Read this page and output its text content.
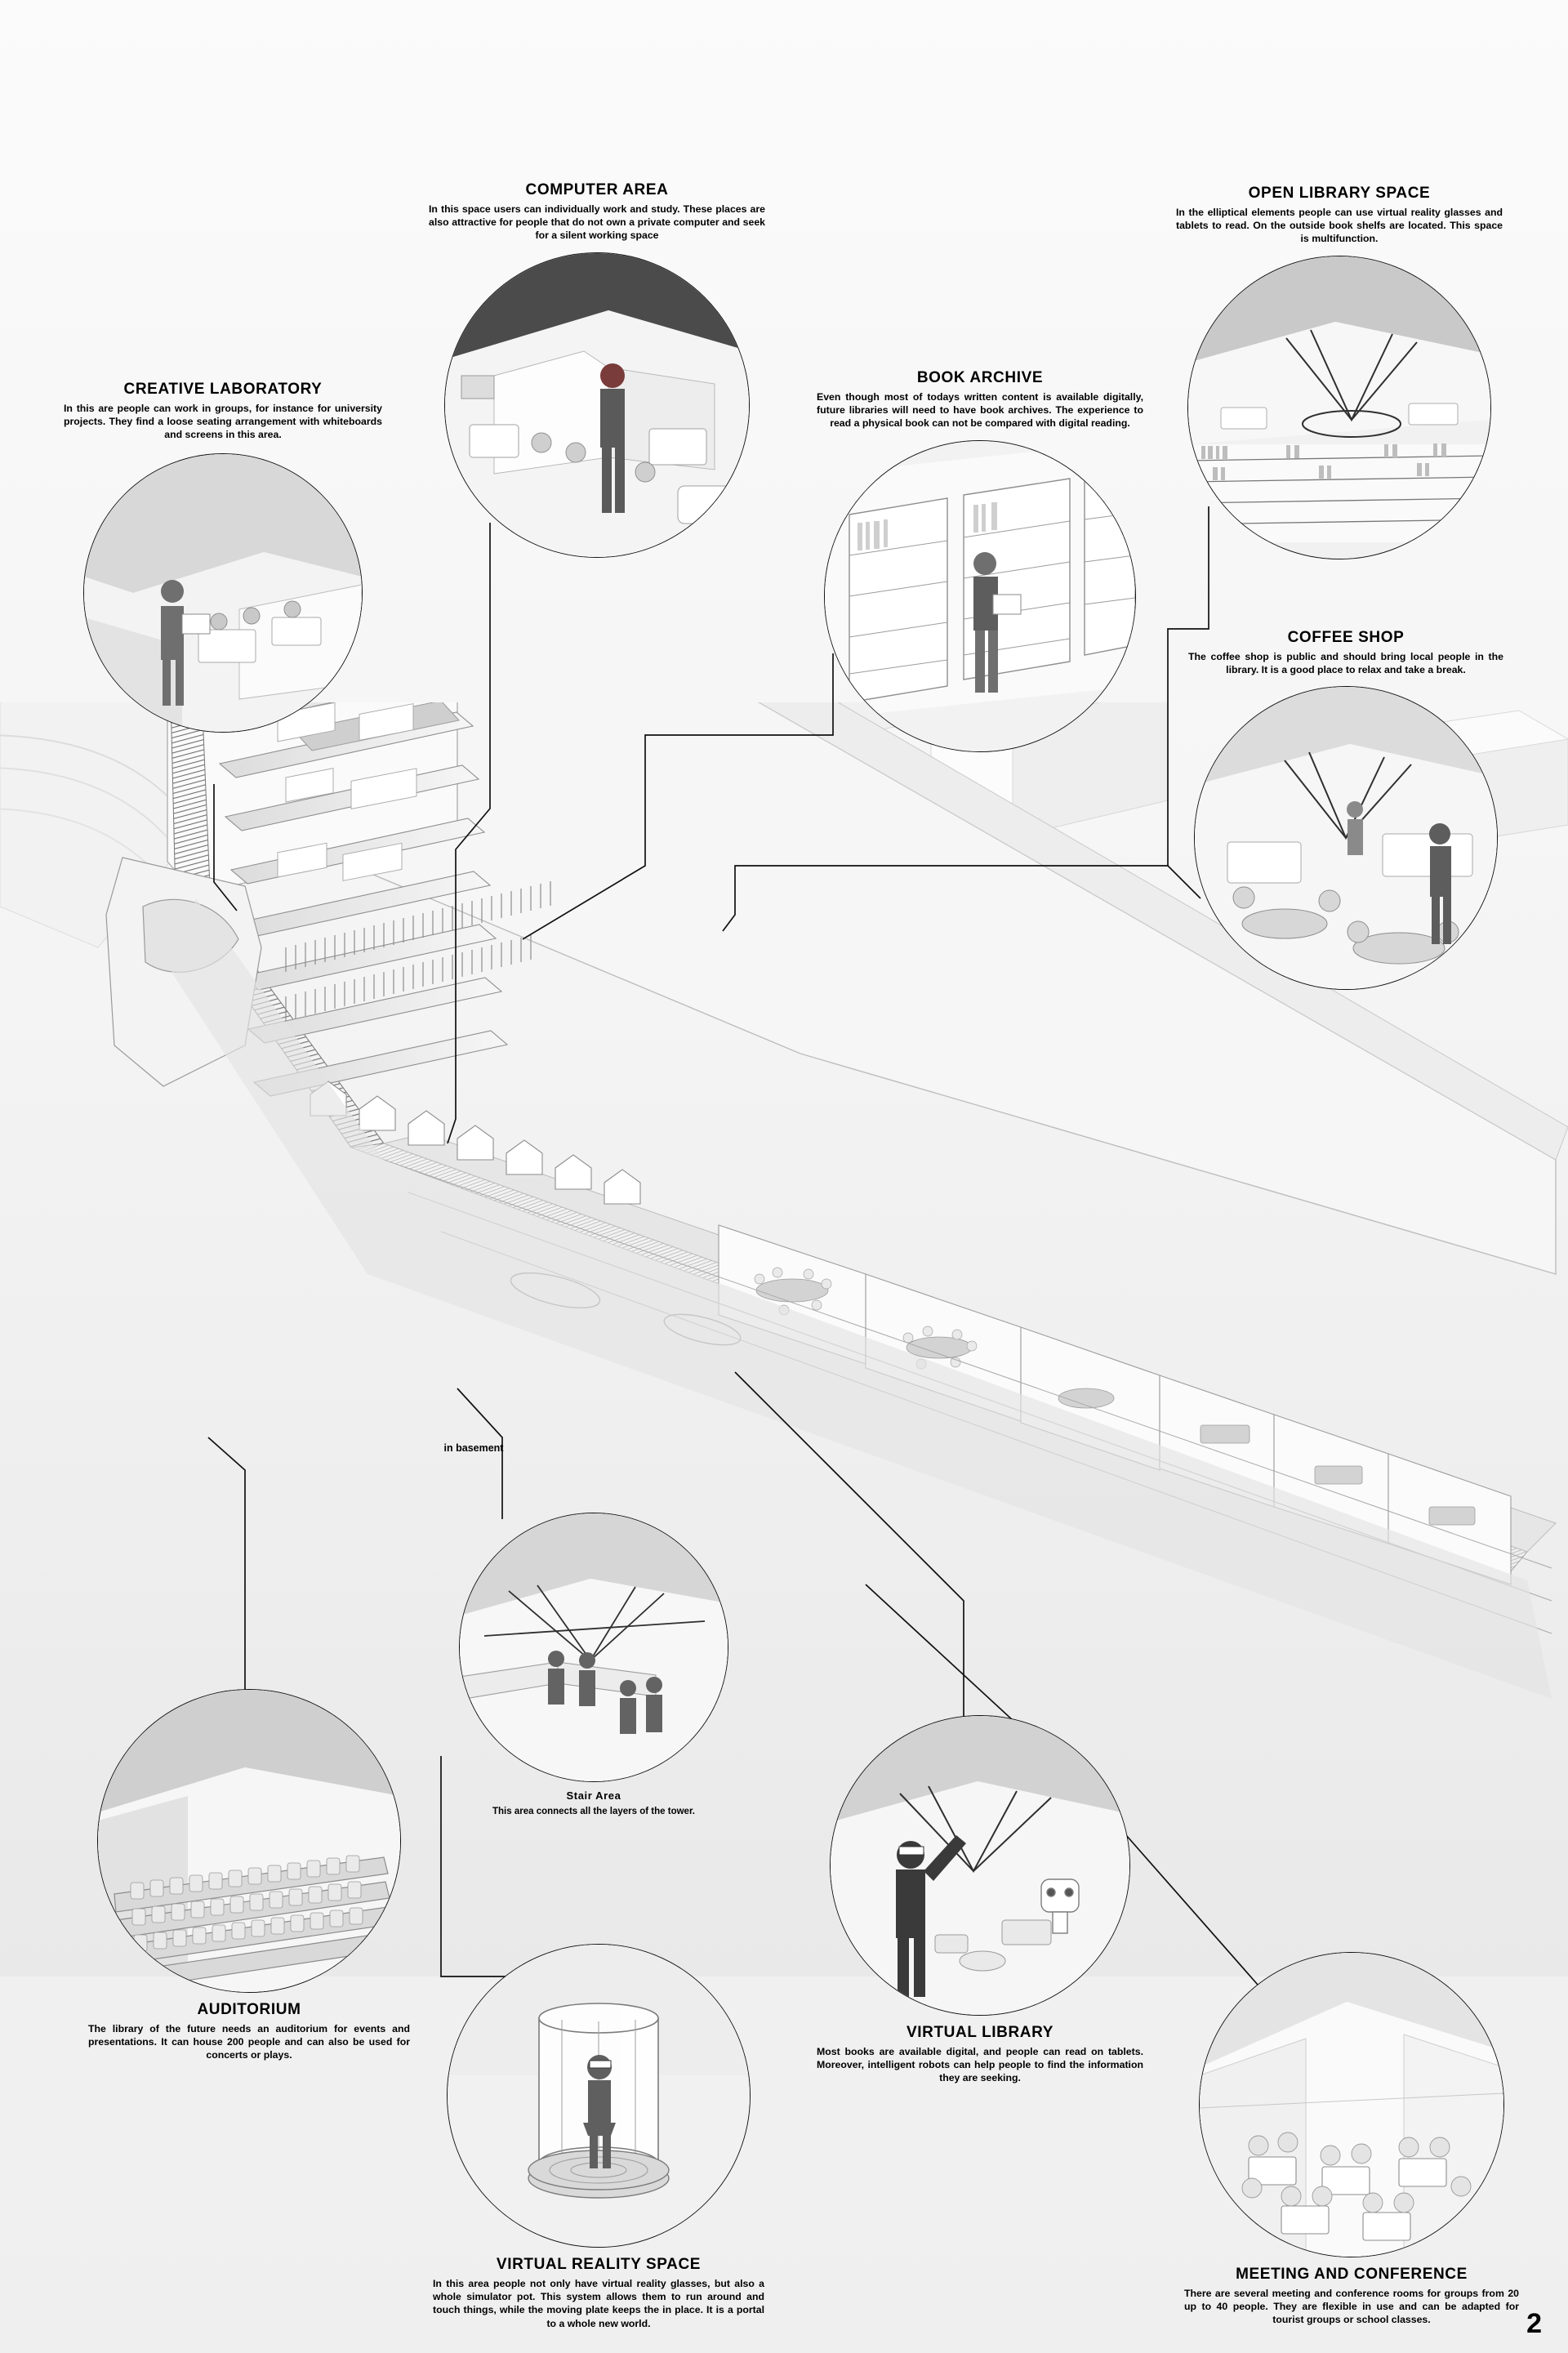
CREATIVE LABORATORY

In this are people can work in groups, for instance for university projects. They find a loose seating arrangement with whiteboards and screens in this area.

COMPUTER AREA

In this space users can individually work and study. These places are also attractive for people that do not own a private computer and seek for a silent working space

BOOK ARCHIVE

Even though most of todays written content is available digitally, future libraries will need to have book archives. The experience to read a physical book can not be compared with digital reading.

OPEN LIBRARY SPACE

In the elliptical elements people can use virtual reality glasses and tablets to read. On the outside book shelfs are located. This space is multifunction.

COFFEE SHOP

The coffee shop is public and should bring local people in the library. It is a good place to relax and take a break.

AUDITORIUM

The library of the future needs an auditorium for events and presentations. It can house 200 people and can also be used for concerts or plays.

Stair Area

This area connects all the layers of the tower.

VIRTUAL LIBRARY

Most books are available digital, and people can read on tablets. Moreover, intelligent robots can help people to find the information they are seeking.

VIRTUAL REALITY SPACE

In this area people not only have virtual reality glasses, but also a whole simulator pot. This system allows them to run around and touch things, while the moving plate keeps the in place. It is a portal to a whole new world.

MEETING AND CONFERENCE

There are several meeting and conference rooms for groups from 20 up to 40 people. They are flexible in use and can be adapted for tourist groups or school classes.

in basement
2
